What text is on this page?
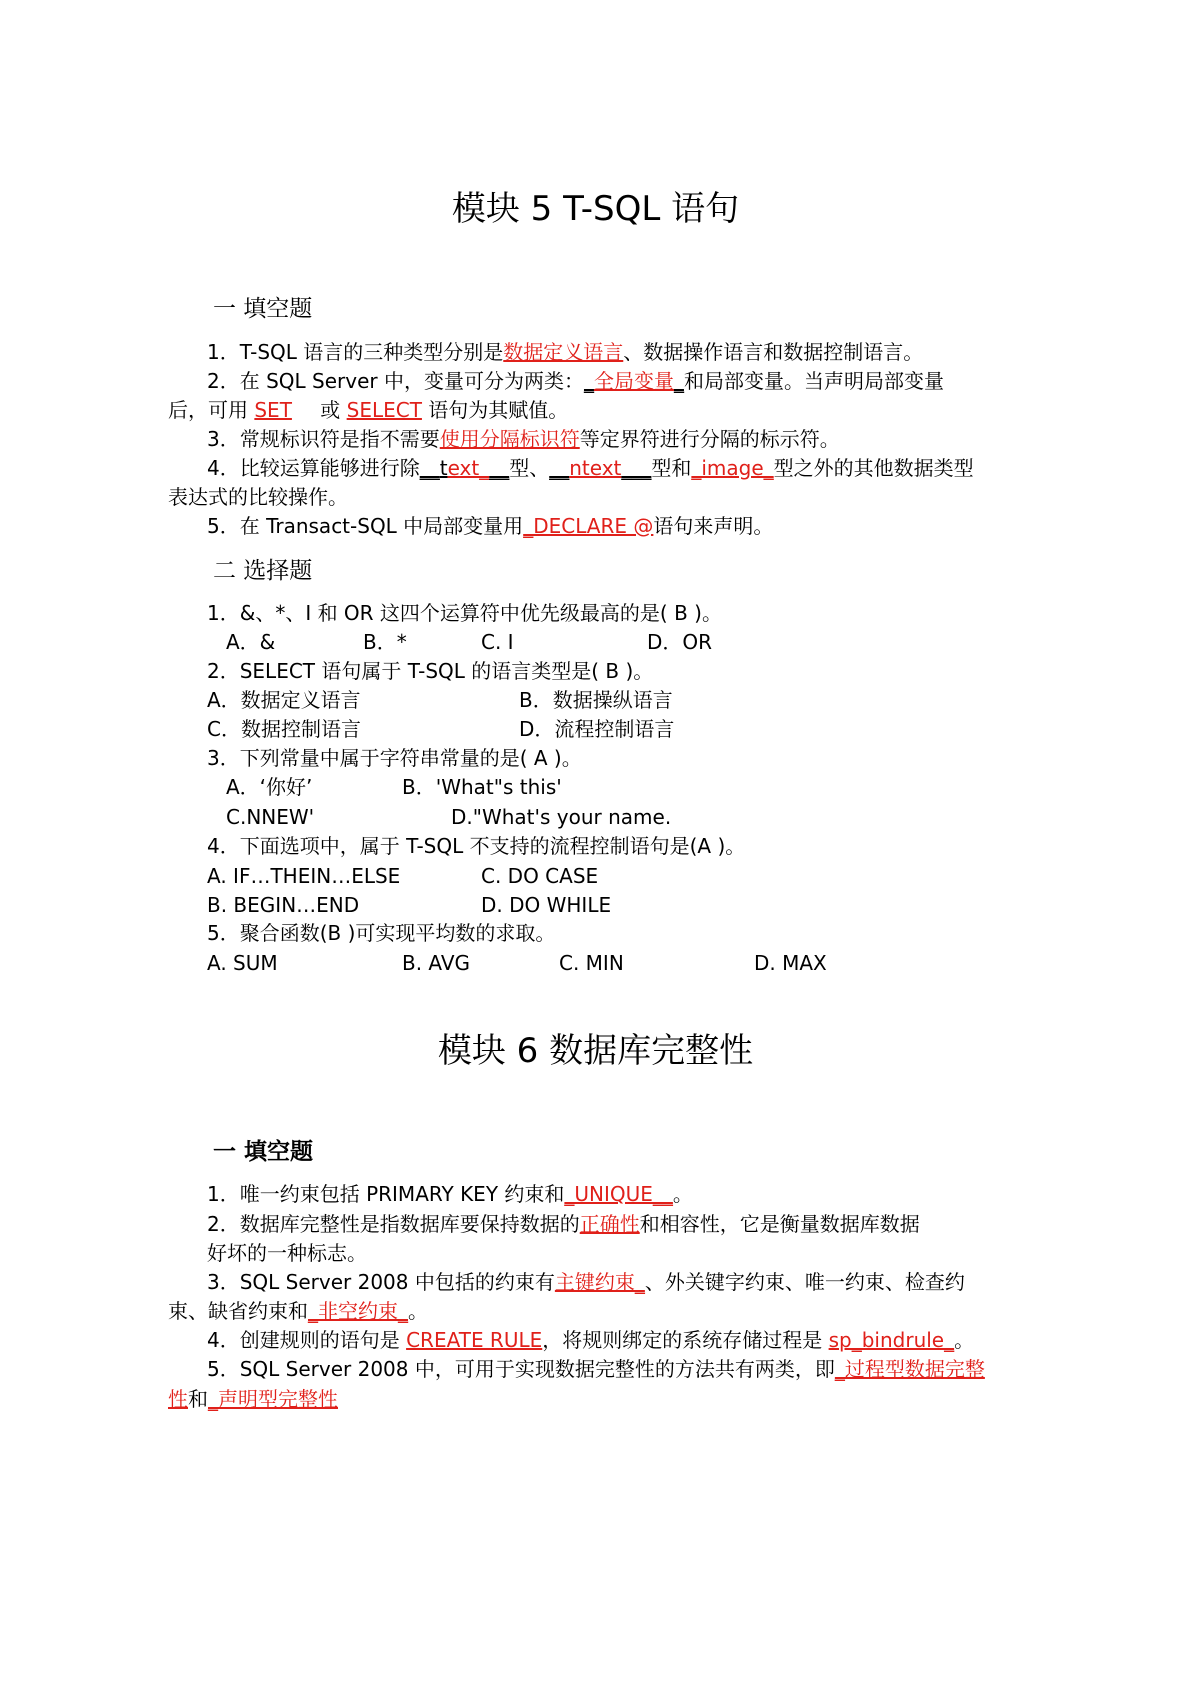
模块 5 T-SQL 语句
一 填空题
1．T-SQL 语言的三种类型分别是数据定义语言、数据操作语言和数据控制语言。
2．在 SQL Server 中，变量可分为两类：_全局变量_和局部变量。当声明局部变量
后，可用 SET 或 SELECT 语句为其赋值。
3．常规标识符是指不需要使用分隔标识符等定界符进行分隔的标示符。
4．比较运算能够进行除__text___型、__ntext___型和_image_型之外的其他数据类型
表达式的比较操作。
5．在 Transact-SQL 中局部变量用_DECLARE @语句来声明。
二 选择题
1．&、*、I 和 OR 这四个运算符中优先级最高的是( B )。
A．&	B．*	C. I	D．OR
2．SELECT 语句属于 T-SQL 的语言类型是( B )。
A．数据定义语言	B．数据操纵语言
C．数据控制语言	D．流程控制语言
3．下列常量中属于字符串常量的是( A )。
A．‘你好’	B．'What"s this'
C.NNEW'	D."What's your name.
4．下面选项中，属于 T-SQL 不支持的流程控制语句是(A )。
A. IF…THEIN…ELSE	C. DO CASE
B. BEGIN…END	D. DO WHILE
5．聚合函数(B )可实现平均数的求取。
A. SUM	B. AVG	C. MIN	D. MAX
模块 6 数据库完整性
一 填空题
1．唯一约束包括 PRIMARY KEY 约束和_UNIQUE__。
2．数据库完整性是指数据库要保持数据的正确性和相容性，它是衡量数据库数据
好坏的一种标志。
3．SQL Server 2008 中包括的约束有主键约束_、外关键字约束、唯一约束、检查约
束、缺省约束和_非空约束_。
4．创建规则的语句是 CREATE RULE，将规则绑定的系统存储过程是 sp_bindrule_。
5．SQL Server 2008 中，可用于实现数据完整性的方法共有两类，即_过程型数据完整
性和_声明型完整性
